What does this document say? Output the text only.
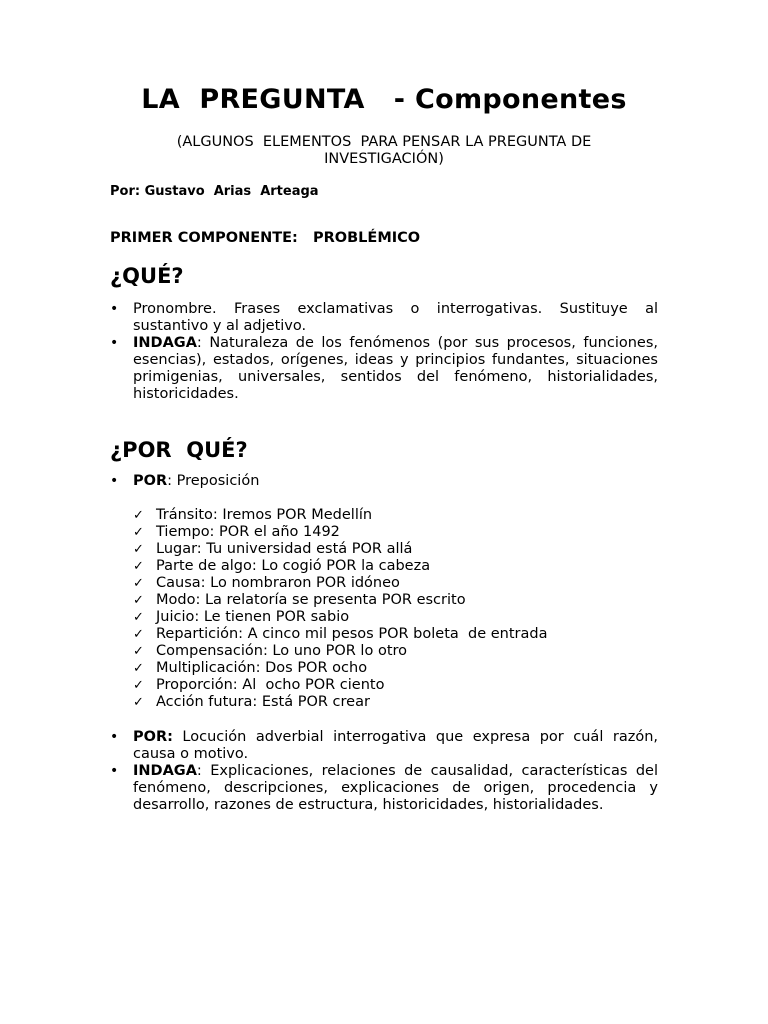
LA  PREGUNTA   - Componentes

(ALGUNOS  ELEMENTOS  PARA PENSAR LA PREGUNTA DE INVESTIGACIÓN)

Por: Gustavo  Arias  Arteaga

PRIMER COMPONENTE:   PROBLÉMICO

¿QUÉ?
• Pronombre. Frases exclamativas o interrogativas. Sustituye al sustantivo y al adjetivo.
• INDAGA: Naturaleza de los fenómenos (por sus procesos, funciones, esencias), estados, orígenes, ideas y principios fundantes, situaciones primigenias, universales, sentidos del fenómeno, historialidades, historicidades.
¿POR  QUÉ?
• POR: Preposición
✓ Tránsito: Iremos POR Medellín
✓ Tiempo: POR el año 1492
✓ Lugar: Tu universidad está POR allá
✓ Parte de algo: Lo cogió POR la cabeza
✓ Causa: Lo nombraron POR idóneo
✓ Modo: La relatoría se presenta POR escrito
✓ Juicio: Le tienen POR sabio
✓ Repartición: A cinco mil pesos POR boleta  de entrada
✓ Compensación: Lo uno POR lo otro
✓ Multiplicación: Dos POR ocho
✓ Proporción: Al  ocho POR ciento
✓ Acción futura: Está POR crear
• POR: Locución adverbial interrogativa que expresa por cuál razón, causa o motivo.
• INDAGA: Explicaciones, relaciones de causalidad, características del fenómeno, descripciones, explicaciones de origen, procedencia y desarrollo, razones de estructura, historicidades, historialidades.
